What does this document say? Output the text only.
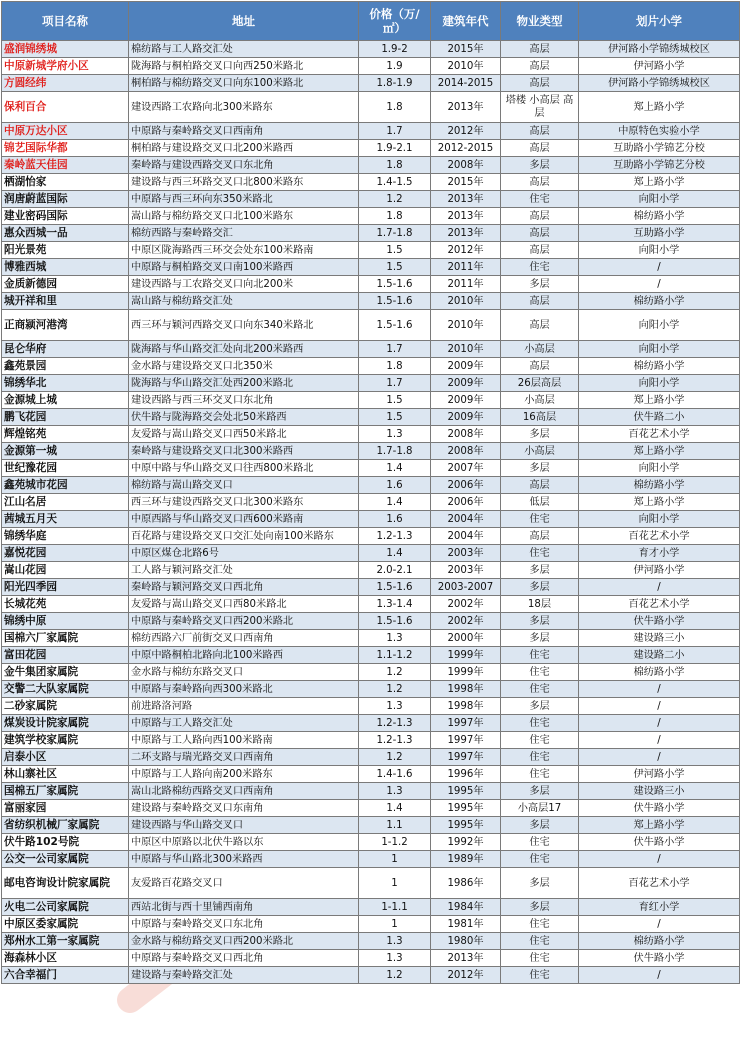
项目名称	地址	价格（万/㎡）	建筑年代	物业类型	划片小学
盛润锦绣城	棉纺路与工人路交汇处	1.9-2	2015年	高层	伊河路小学锦绣城校区
中原新城学府小区	陇海路与桐柏路交叉口向西250米路北	1.9	2010年	高层	伊河路小学
方圆经纬	桐柏路与棉纺路交叉口向东100米路北	1.8-1.9	2014-2015	高层	伊河路小学锦绣城校区
保利百合	建设西路工农路向北300米路东	1.8	2013年	塔楼 小高层 高层	郑上路小学
中原万达小区	中原路与秦岭路交叉口西南角	1.7	2012年	高层	中原特色实验小学
锦艺国际华都	桐柏路与建设路交叉口北200米路西	1.9-2.1	2012-2015	高层	互助路小学锦艺分校
秦岭蓝天佳园	秦岭路与建设西路交叉口东北角	1.8	2008年	多层	互助路小学锦艺分校
栖湖怡家	建设路与西三环路交叉口北800米路东	1.4-1.5	2015年	高层	郑上路小学
润唐蔚蓝国际	中原路与西三环向东350米路北	1.2	2013年	住宅	向阳小学
建业密码国际	嵩山路与棉纺路交叉口北100米路东	1.8	2013年	高层	棉纺路小学
惠众西城一品	棉纺西路与秦岭路交汇	1.7-1.8	2013年	高层	互助路小学
阳光景苑	中原区陇海路西三环交会处东100米路南	1.5	2012年	高层	向阳小学
博雅西城	中原路与桐柏路交叉口南100米路西	1.5	2011年	住宅	/
金质新德园	建设西路与工农路交叉口向北200米	1.5-1.6	2011年	多层	/
城开祥和里	嵩山路与棉纺路交汇处	1.5-1.6	2010年	高层	棉纺路小学
正商颍河港湾	西三环与颖河西路交叉口向东340米路北	1.5-1.6	2010年	高层	向阳小学
昆仑华府	陇海路与华山路交汇处向北200米路西	1.7	2010年	小高层	向阳小学
鑫苑景园	金水路与建设路交叉口北350米	1.8	2009年	高层	棉纺路小学
锦绣华北	陇海路与华山路交汇处西200米路北	1.7	2009年	26层高层	向阳小学
金源城上城	建设西路与西三环交叉口东北角	1.5	2009年	小高层	郑上路小学
鹏飞花园	伏牛路与陇海路交会处北50米路西	1.5	2009年	16高层	伏牛路二小
辉煌铭苑	友爱路与嵩山路交叉口西50米路北	1.3	2008年	多层	百花艺术小学
金源第一城	秦岭路与建设路交叉口北300米路西	1.7-1.8	2008年	小高层	郑上路小学
世纪豫花园	中原中路与华山路交叉口往西800米路北	1.4	2007年	多层	向阳小学
鑫苑城市花园	棉纺路与嵩山路交叉口	1.6	2006年	高层	棉纺路小学
江山名居	西三环与建设西路交叉口北300米路东	1.4	2006年	低层	郑上路小学
茜城五月天	中原西路与华山路交叉口西600米路南	1.6	2004年	住宅	向阳小学
锦绣华庭	百花路与建设路交叉口交汇处向南100米路东	1.2-1.3	2004年	高层	百花艺术小学
嘉悦花园	中原区煤仓北路6号	1.4	2003年	住宅	育才小学
嵩山花园	工人路与颖河路交汇处	2.0-2.1	2003年	多层	伊河路小学
阳光四季园	秦岭路与颖河路交叉口西北角	1.5-1.6	2003-2007	多层	/
长城花苑	友爱路与嵩山路交叉口西80米路北	1.3-1.4	2002年	18层	百花艺术小学
锦绣中原	中原路与秦岭路交叉口西200米路北	1.5-1.6	2002年	多层	伏牛路小学
国棉六厂家属院	棉纺西路六厂前街交叉口西南角	1.3	2000年	多层	建设路三小
富田花园	中原中路桐柏北路向北100米路西	1.1-1.2	1999年	住宅	建设路二小
金牛集团家属院	金水路与棉纺东路交叉口	1.2	1999年	住宅	棉纺路小学
交警二大队家属院	中原路与秦岭路向西300米路北	1.2	1998年	住宅	/
二砂家属院	前进路洛河路	1.3	1998年	多层	/
煤炭设计院家属院	中原路与工人路交汇处	1.2-1.3	1997年	住宅	/
建筑学校家属院	中原路与工人路向西100米路南	1.2-1.3	1997年	住宅	/
启泰小区	二环支路与瑞光路交叉口西南角	1.2	1997年	住宅	/
林山寨社区	中原路与工人路向南200米路东	1.4-1.6	1996年	住宅	伊河路小学
国棉五厂家属院	嵩山北路棉纺西路交叉口西南角	1.3	1995年	多层	建设路三小
富丽家园	建设路与秦岭路交叉口东南角	1.4	1995年	小高层17	伏牛路小学
省纺织机械厂家属院	建设西路与华山路交叉口	1.1	1995年	多层	郑上路小学
伏牛路102号院	中原区中原路以北伏牛路以东	1-1.2	1992年	住宅	伏牛路小学
公交一公司家属院	中原路与华山路北300米路西	1	1989年	住宅	/
邮电咨询设计院家属院	友爱路百花路交叉口	1	1986年	多层	百花艺术小学
火电二公司家属院	西站北街与西十里铺西南角	1-1.1	1984年	多层	育红小学
中原区委家属院	中原路与秦岭路交叉口东北角	1	1981年	住宅	/
郑州水工第一家属院	金水路与棉纺路交叉口西200米路北	1.3	1980年	住宅	棉纺路小学
海森林小区	中原路与秦岭路交叉口西北角	1.3	2013年	住宅	伏牛路小学
六合幸福门	建设路与秦岭路交汇处	1.2	2012年	住宅	/
